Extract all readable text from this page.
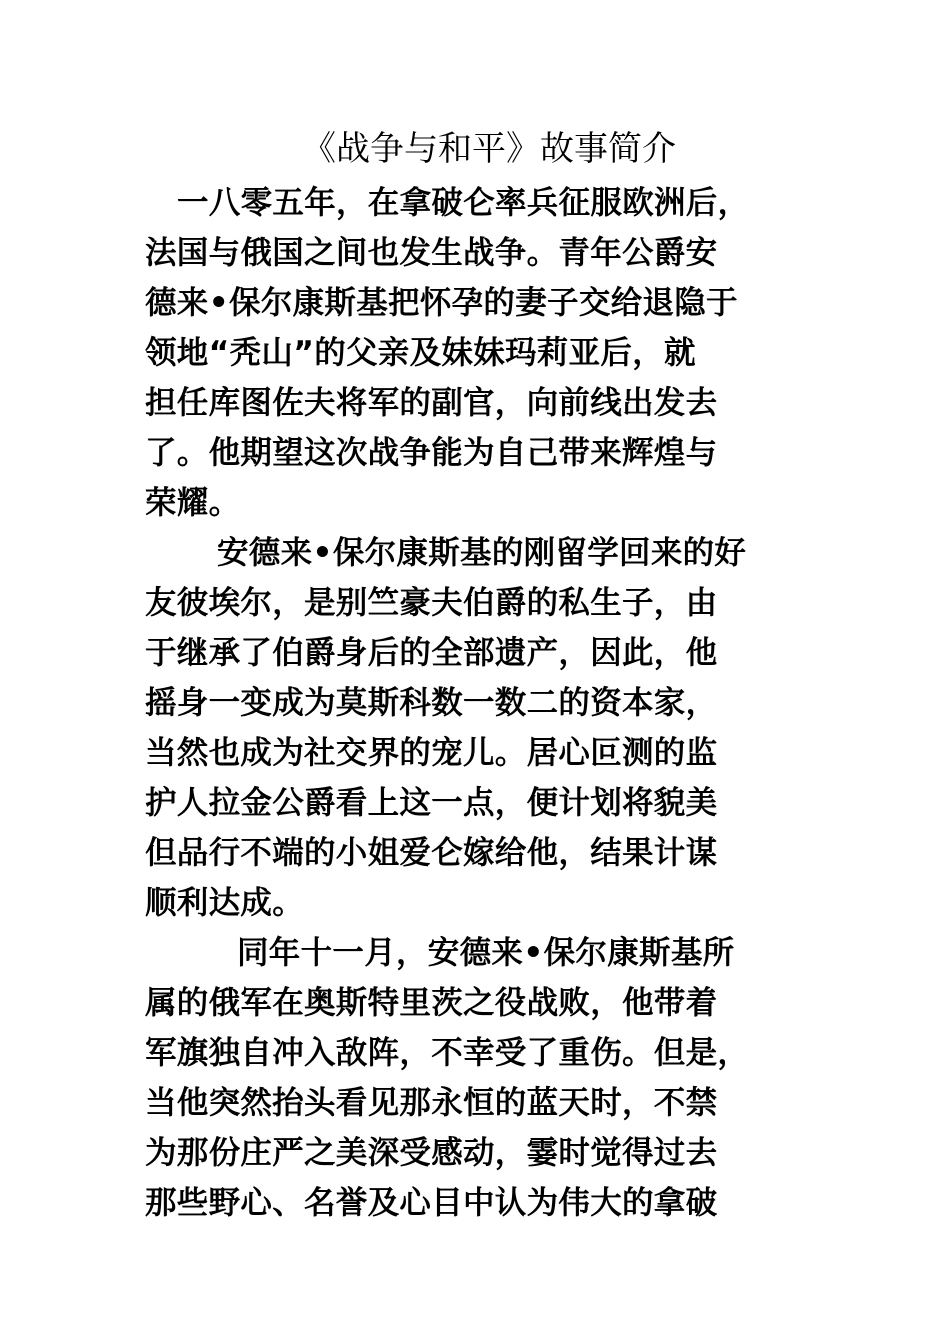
《战争与和平》故事简介
一八零五年，在拿破仑率兵征服欧洲后，
法国与俄国之间也发生战争。青年公爵安
德来•保尔康斯基把怀孕的妻子交给退隐于
领地“秃山”的父亲及妹妹玛莉亚后，就
担任库图佐夫将军的副官，向前线出发去
了。他期望这次战争能为自己带来辉煌与
荣耀。
安德来•保尔康斯基的刚留学回来的好
友彼埃尔，是别竺豪夫伯爵的私生子，由
于继承了伯爵身后的全部遗产，因此，他
摇身一变成为莫斯科数一数二的资本家，
当然也成为社交界的宠儿。居心叵测的监
护人拉金公爵看上这一点，便计划将貌美
但品行不端的小姐爱仑嫁给他，结果计谋
顺利达成。
同年十一月，安德来•保尔康斯基所
属的俄军在奥斯特里茨之役战败，他带着
军旗独自冲入敌阵，不幸受了重伤。但是，
当他突然抬头看见那永恒的蓝天时，不禁
为那份庄严之美深受感动，霎时觉得过去
那些野心、名誉及心目中认为伟大的拿破
